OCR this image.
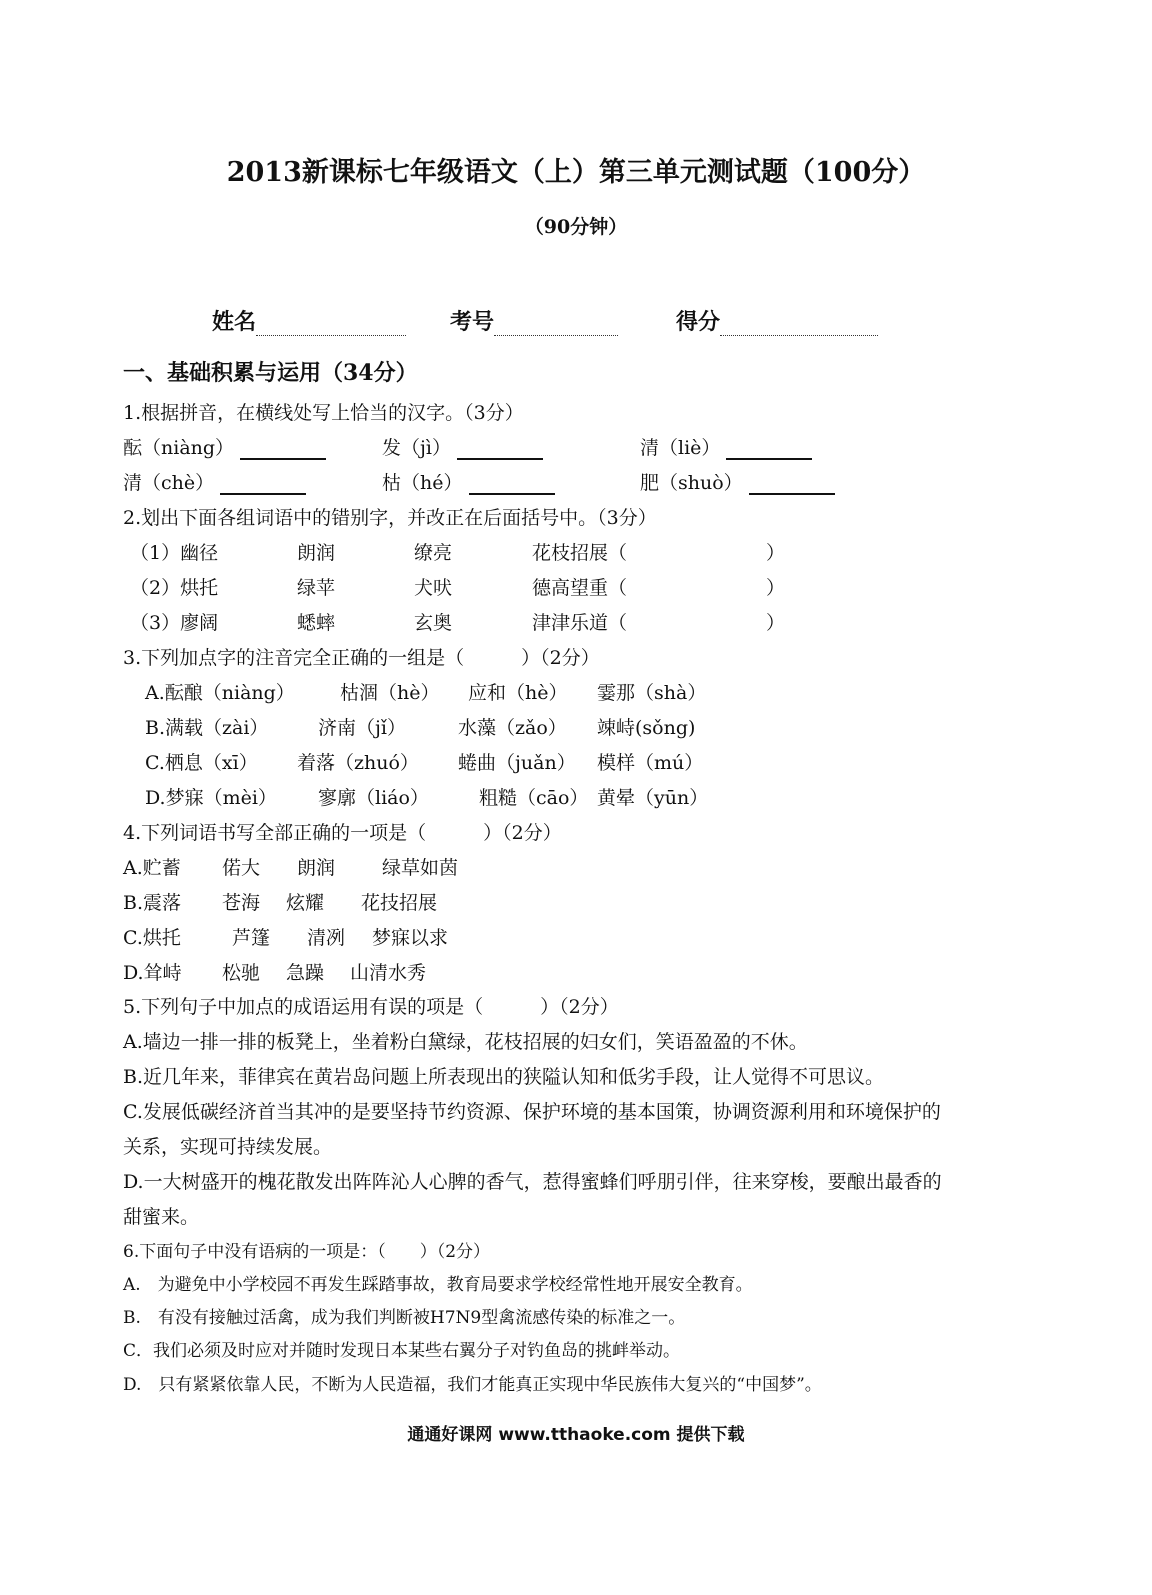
2013新课标七年级语文（上）第三单元测试题（100分）
（90分钟）
姓名	考号	得分
一、基础积累与运用（34分）
1.根据拼音，在横线处写上恰当的汉字。（3分）
酝（niàng）	发（jì）	清（liè）
清（chè）	枯（hé）	肥（shuò）
2.划出下面各组词语中的错别字，并改正在后面括号中。（3分）
（1）幽径	朗润	缭亮	花枝招展（	）
（2）烘托	绿苹	犬吠	德高望重（	）
（3）廖阔	蟋蟀	玄奥	津津乐道（	）
3.下列加点字的注音完全正确的一组是（　　　）（2分）
A.酝酿（niàng） 枯涸（hè） 应和（hè） 霎那（shà）
B.满载（zài）	济南（jǐ）	水藻（zǎo） 竦峙(sǒng)
C.栖息（xī） 着落（zhuó） 蜷曲（juǎn） 模样（mú）
D.梦寐（mèi） 寥廓（liáo）	粗糙（cāo） 黄晕（yūn）
4.下列词语书写全部正确的一项是（　　　）（2分）
A.贮蓄 偌大 朗润 绿草如茵
B.震落 苍海 炫耀 花技招展
C.烘托	芦篷 清冽 梦寐以求
D.耸峙 松驰 急躁 山清水秀
5.下列句子中加点的成语运用有误的项是（　　　）（2分）
A.墙边一排一排的板凳上，坐着粉白黛绿，花枝招展的妇女们，笑语盈盈的不休。
B.近几年来，菲律宾在黄岩岛问题上所表现出的狭隘认知和低劣手段，让人觉得不可思议。
C.发展低碳经济首当其冲的是要坚持节约资源、保护环境的基本国策，协调资源利用和环境保护的
关系，实现可持续发展。
D.一大树盛开的槐花散发出阵阵沁人心脾的香气，惹得蜜蜂们呼朋引伴，往来穿梭，要酿出最香的
甜蜜来。
6.下面句子中没有语病的一项是：（　　）（2分）
A.　为避免中小学校园不再发生踩踏事故，教育局要求学校经常性地开展安全教育。
B.　有没有接触过活禽，成为我们判断被H7N9型禽流感传染的标准之一。
C．我们必须及时应对并随时发现日本某些右翼分子对钓鱼岛的挑衅举动。
D.　只有紧紧依靠人民，不断为人民造福，我们才能真正实现中华民族伟大复兴的“中国梦”。
通通好课网 www.tthaoke.com 提供下载
